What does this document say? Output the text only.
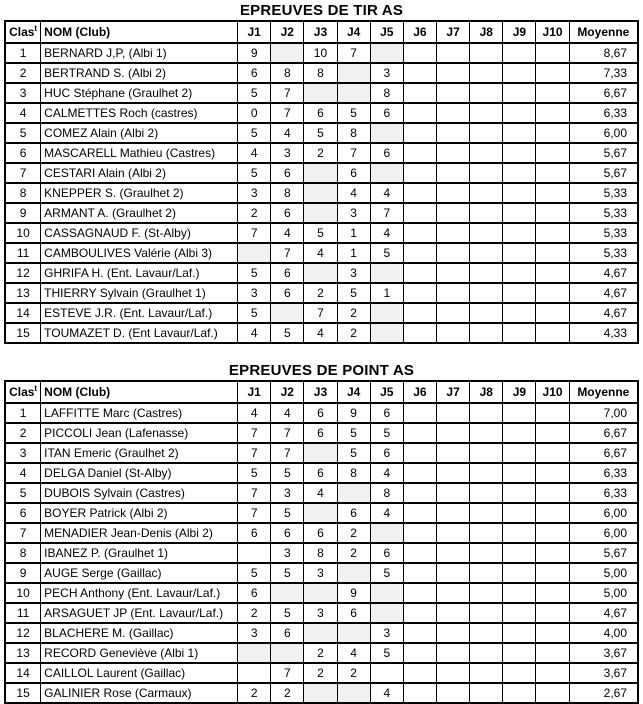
EPREUVES DE TIR AS
Clas$^t$	NOM (Club)	J1	J2	J3	J4	J5	J6	J7	J8	J9	J10	Moyenne
1	BERNARD J,P, (Albi 1)	9		10	7							8,67
2	BERTRAND S. (Albi 2)	6	8	8		3						7,33
3	HUC Stéphane (Graulhet 2)	5	7			8						6,67
4	CALMETTES Roch (castres)	0	7	6	5	6						6,33
5	COMEZ Alain (Albi 2)	5	4	5	8							6,00
6	MASCARELL Mathieu (Castres)	4	3	2	7	6						5,67
7	CESTARI Alain (Albi 2)	5	6		6							5,67
8	KNEPPER S. (Graulhet 2)	3	8		4	4						5,33
9	ARMANT A. (Graulhet 2)	2	6		3	7						5,33
10	CASSAGNAUD F. (St-Alby)	7	4	5	1	4						5,33
11	CAMBOULIVES Valérie (Albi 3)		7	4	1	5						5,33
12	GHRIFA H. (Ent. Lavaur/Laf.)	5	6		3							4,67
13	THIERRY Sylvain (Graulhet 1)	3	6	2	5	1						4,67
14	ESTEVE J.R. (Ent. Lavaur/Laf.)	5		7	2							4,67
15	TOUMAZET D. (Ent Lavaur/Laf.)	4	5	4	2							4,33
EPREUVES DE POINT AS
Clas$^t$	NOM (Club)	J1	J2	J3	J4	J5	J6	J7	J8	J9	J10	Moyenne
1	LAFFITTE Marc (Castres)	4	4	6	9	6						7,00
2	PICCOLI Jean (Lafenasse)	7	7	6	5	5						6,67
3	ITAN Emeric (Graulhet 2)	7	7		5	6						6,67
4	DELGA Daniel (St-Alby)	5	5	6	8	4						6,33
5	DUBOIS Sylvain (Castres)	7	3	4		8						6,33
6	BOYER Patrick (Albi 2)	7	5		6	4						6,00
7	MENADIER Jean-Denis (Albi 2)	6	6	6	2							6,00
8	IBANEZ P. (Graulhet 1)		3	8	2	6						5,67
9	AUGE Serge (Gaillac)	5	5	3		5						5,00
10	PECH Anthony (Ent. Lavaur/Laf.)	6			9							5,00
11	ARSAGUET JP (Ent. Lavaur/Laf.)	2	5	3	6							4,67
12	BLACHERE M. (Gaillac)	3	6			3						4,00
13	RECORD Geneviève (Albi 1)			2	4	5						3,67
14	CAILLOL Laurent (Gaillac)		7	2	2							3,67
15	GALINIER Rose (Carmaux)	2	2			4						2,67
